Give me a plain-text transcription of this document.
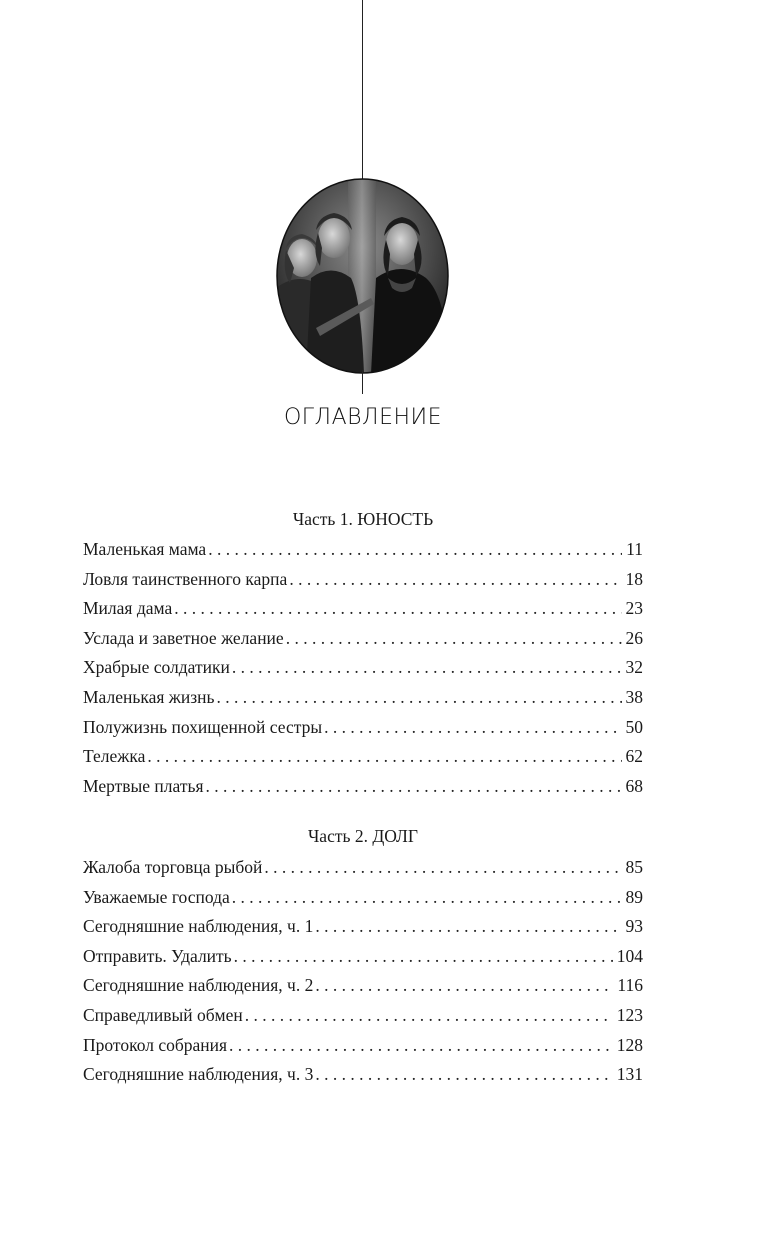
ОГЛАВЛЕНИЕ
Часть 1. ЮНОСТЬ
Маленькая мама . . .	11
Ловля таинственного карпа . . .	18
Милая дама . . .	23
Услада и заветное желание . . .	26
Храбрые солдатики . . .	32
Маленькая жизнь . . .	38
Полужизнь похищенной сестры . . .	50
Тележка . . .	62
Мертвые платья . . .	68
Часть 2. ДОЛГ
Жалоба торговца рыбой . . .	85
Уважаемые господа . . .	89
Сегодняшние наблюдения, ч. 1 . . .	93
Отправить. Удалить . . .	104
Сегодняшние наблюдения, ч. 2 . . .	116
Справедливый обмен . . .	123
Протокол собрания . . .	128
Сегодняшние наблюдения, ч. 3 . . .	131
